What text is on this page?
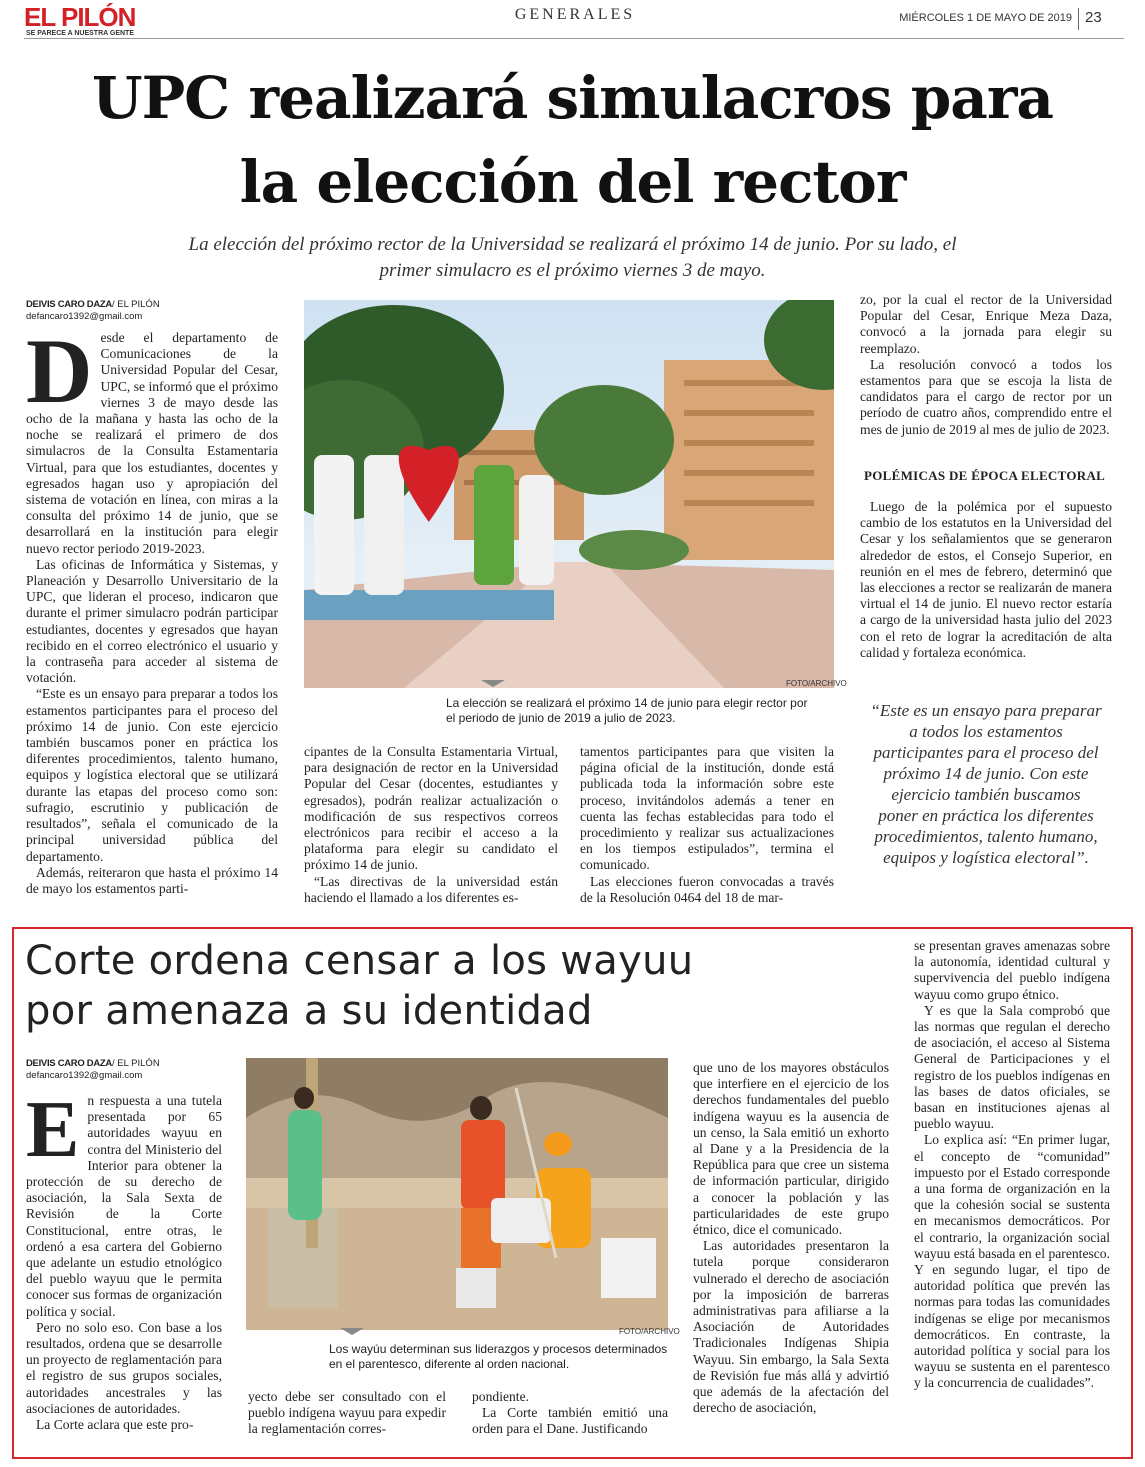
EL PILÓN
SE PARECE A NUESTRA GENTE
GENERALES	MIÉRCOLES 1 DE MAYO DE 2019 23
UPC realizará simulacros para
la elección del rector
La elección del próximo rector de la Universidad se realizará el próximo 14 de junio. Por su lado, el
primer simulacro es el próximo viernes 3 de mayo.
DEIVIS CARO DAZA/ EL PILÓN
defancaro1392@gmail.com
D esde el departamento de Comunicaciones de la Universidad Popular del Cesar, UPC, se informó que el próximo viernes 3 de mayo desde las ocho de la mañana y hasta las ocho de la noche se realizará el primero de dos simulacros de la Consulta Estamentaria Virtual, para que los estudiantes, docentes y egresados hagan uso y apropiación del sistema de votación en línea, con miras a la consulta del próximo 14 de junio, que se desarrollará en la institución para elegir nuevo rector periodo 2019-2023.

Las oficinas de Informática y Sistemas, y Planeación y Desarrollo Universitario de la UPC, que lideran el proceso, indicaron que durante el primer simulacro podrán participar estudiantes, docentes y egresados que hayan recibido en el correo electrónico el usuario y la contraseña para acceder al sistema de votación.

“Este es un ensayo para preparar a todos los estamentos participantes para el proceso del próximo 14 de junio. Con este ejercicio también buscamos poner en práctica los diferentes procedimientos, talento humano, equipos y logística electoral que se utilizará durante las etapas del proceso como son: sufragio, escrutinio y publicación de resultados”, señala el comunicado de la principal universidad pública del departamento.

Además, reiteraron que hasta el próximo 14 de mayo los estamentos parti-

FOTO/ARCHIVO
La elección se realizará el próximo 14 de junio para elegir rector por el periodo de junio de 2019 a julio de 2023.

cipantes de la Consulta Estamentaria Virtual, para designación de rector en la Universidad Popular del Cesar (docentes, estudiantes y egresados), podrán realizar actualización o modificación de sus respectivos correos electrónicos para recibir el acceso a la plataforma para elegir su candidato el próximo 14 de junio.

“Las directivas de la universidad están haciendo el llamado a los diferentes es-

tamentos participantes para que visiten la página oficial de la institución, donde está publicada toda la información sobre este proceso, invitándolos además a tener en cuenta las fechas establecidas para todo el procedimiento y realizar sus actualizaciones en los tiempos estipulados”, termina el comunicado.

Las elecciones fueron convocadas a través de la Resolución 0464 del 18 de mar-

zo, por la cual el rector de la Universidad Popular del Cesar, Enrique Meza Daza, convocó a la jornada para elegir su reemplazo.

La resolución convocó a todos los estamentos para que se escoja la lista de candidatos para el cargo de rector por un período de cuatro años, comprendido entre el mes de junio de 2019 al mes de julio de 2023.

POLÉMICAS DE ÉPOCA ELECTORAL

Luego de la polémica por el supuesto cambio de los estatutos en la Universidad del Cesar y los señalamientos que se generaron alrededor de estos, el Consejo Superior, en reunión en el mes de febrero, determinó que las elecciones a rector se realizarán de manera virtual el 14 de junio. El nuevo rector estaría a cargo de la universidad hasta julio del 2023 con el reto de lograr la acreditación de alta calidad y fortaleza económica.

“Este es un ensayo para preparar a todos los estamentos participantes para el proceso del próximo 14 de junio. Con este ejercicio también buscamos poner en práctica los diferentes procedimientos, talento humano, equipos y logística electoral”.
Corte ordena censar a los wayuu
por amenaza a su identidad
DEIVIS CARO DAZA/ EL PILÓN
defancaro1392@gmail.com
E n respuesta a una tutela presentada por 65 autoridades wayuu en contra del Ministerio del Interior para obtener la protección de su derecho de asociación, la Sala Sexta de Revisión de la Corte Constitucional, entre otras, le ordenó a esa cartera del Gobierno que adelante un estudio etnológico del pueblo wayuu que le permita conocer sus formas de organización política y social.

Pero no solo eso. Con base a los resultados, ordena que se desarrolle un proyecto de reglamentación para el registro de sus grupos sociales, autoridades ancestrales y las asociaciones de autoridades.

La Corte aclara que este pro-

FOTO/ARCHIVO
Los wayúu determinan sus liderazgos y procesos determinados en el parentesco, diferente al orden nacional.

yecto debe ser consultado con el pueblo indígena wayuu para expedir la reglamentación corres-

pondiente.

La Corte también emitió una orden para el Dane. Justificando

que uno de los mayores obstáculos que interfiere en el ejercicio de los derechos fundamentales del pueblo indígena wayuu es la ausencia de un censo, la Sala emitió un exhorto al Dane y a la Presidencia de la República para que cree un sistema de información particular, dirigido a conocer la población y las particularidades de este grupo étnico, dice el comunicado.

Las autoridades presentaron la tutela porque consideraron vulnerado el derecho de asociación por la imposición de barreras administrativas para afiliarse a la Asociación de Autoridades Tradicionales Indígenas Shipia Wayuu. Sin embargo, la Sala Sexta de Revisión fue más allá y advirtió que además de la afectación del derecho de asociación,

se presentan graves amenazas sobre la autonomía, identidad cultural y supervivencia del pueblo indígena wayuu como grupo étnico.

Y es que la Sala comprobó que las normas que regulan el derecho de asociación, el acceso al Sistema General de Participaciones y el registro de los pueblos indígenas en las bases de datos oficiales, se basan en instituciones ajenas al pueblo wayuu.

Lo explica así: “En primer lugar, el concepto de “comunidad” impuesto por el Estado corresponde a una forma de organización en la que la cohesión social se sustenta en mecanismos democráticos. Por el contrario, la organización social wayuu está basada en el parentesco. Y en segundo lugar, el tipo de autoridad política que prevén las normas para todas las comunidades indígenas se elige por mecanismos democráticos. En contraste, la autoridad política y social para los wayuu se sustenta en el parentesco y la concurrencia de cualidades”.
